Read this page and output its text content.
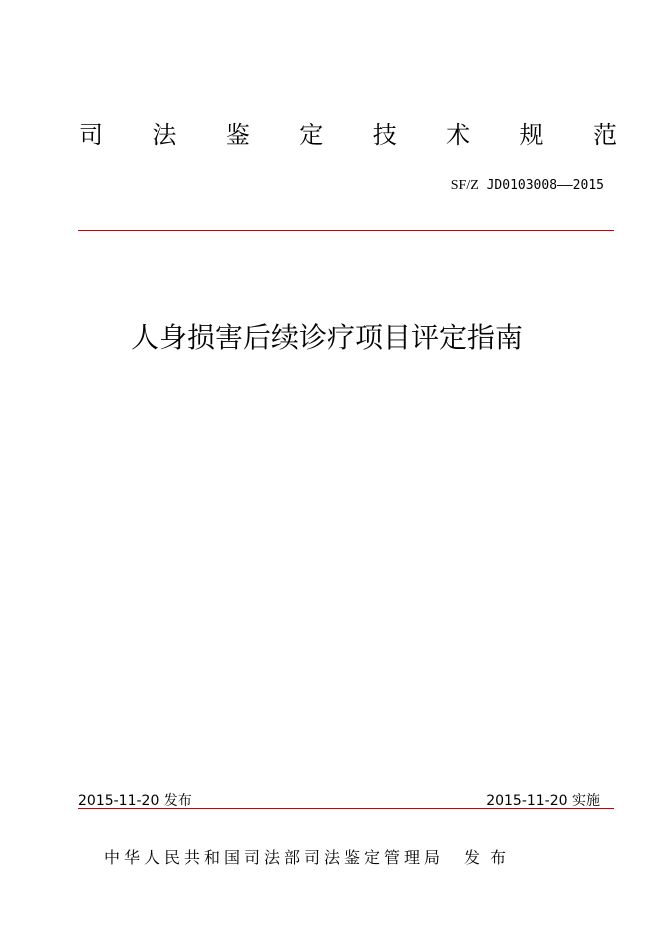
司 法 鉴 定 技 术 规 范
SF/Z JD0103008——2015
人身损害后续诊疗项目评定指南
2015-11-20 发布	2015-11-20 实施
中华人民共和国司法部司法鉴定管理局 发布
